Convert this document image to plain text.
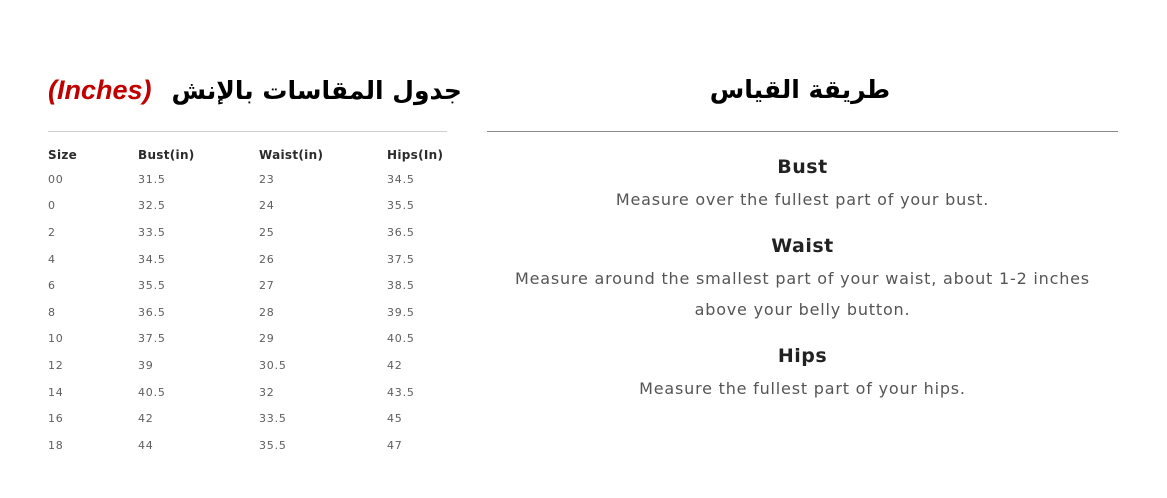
(Inches) جدول المقاسات بالإنش	طريقة القياس
Size	Bust(in)	Waist(in)	Hips(In)
00	31.5	23	34.5
0	32.5	24	35.5
2	33.5	25	36.5
4	34.5	26	37.5
6	35.5	27	38.5
8	36.5	28	39.5
10	37.5	29	40.5
12	39	30.5	42
14	40.5	32	43.5
16	42	33.5	45
18	44	35.5	47
Bust
Measure over the fullest part of your bust.
Waist
Measure around the smallest part of your waist, about 1-2 inches
above your belly button.
Hips
Measure the fullest part of your hips.
